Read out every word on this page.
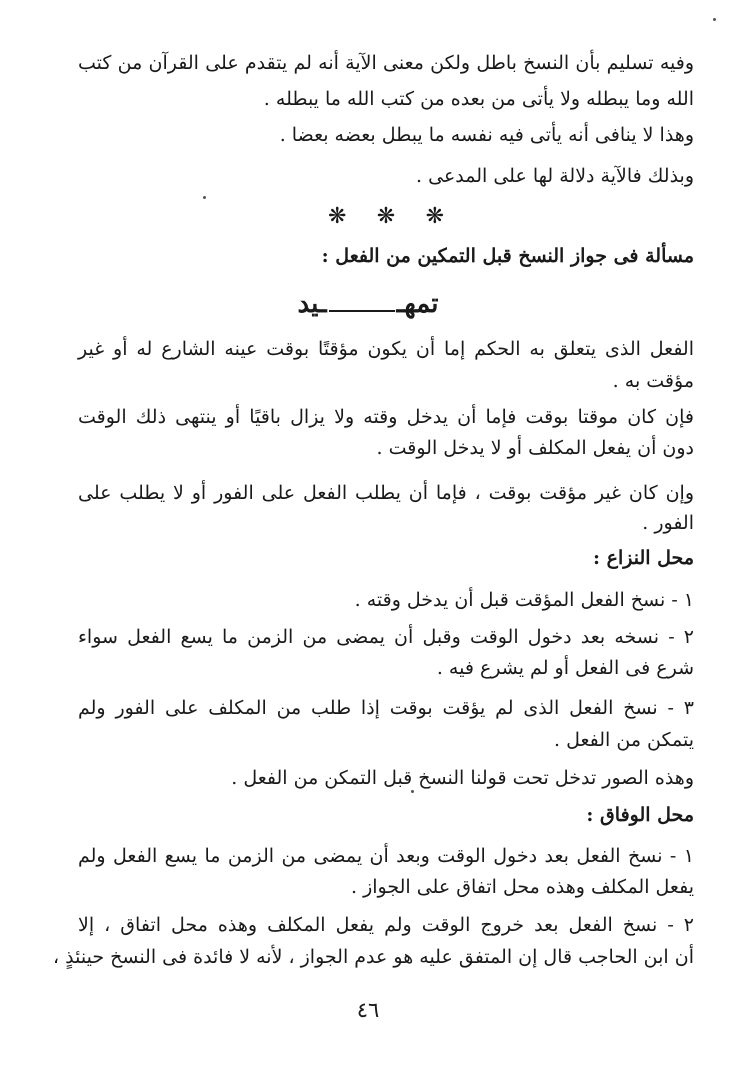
وفيه تسليم بأن النسخ باطل ولكن معنى الآية أنه لم يتقدم على القرآن من كتب
الله وما يبطله ولا يأتى من بعده من كتب الله ما يبطله .
وهذا لا ينافى أنه يأتى فيه نفسه ما يبطل بعضه بعضا .
وبذلك فالآية دلالة لها على المدعى .
❋ ❋ ❋
مسألة فى جواز النسخ قبل التمكين من الفعل :
تمهــيد
الفعل الذى يتعلق به الحكم إما أن يكون مؤقتًا بوقت عينه الشارع له أو غير
مؤقت به .
فإن كان موقتا بوقت فإما أن يدخل وقته ولا يزال باقيًا أو ينتهى ذلك الوقت
دون أن يفعل المكلف أو لا يدخل الوقت .
وإن كان غير مؤقت بوقت ، فإما أن يطلب الفعل على الفور أو لا يطلب على
الفور .
محل النزاع :
١ - نسخ الفعل المؤقت قبل أن يدخل وقته .
٢ - نسخه بعد دخول الوقت وقبل أن يمضى من الزمن ما يسع الفعل سواء
شرع فى الفعل أو لم يشرع فيه .
٣ - نسخ الفعل الذى لم يؤقت بوقت إذا طلب من المكلف على الفور ولم
يتمكن من الفعل .
وهذه الصور تدخل تحت قولنا النسخ قبل التمكن من الفعل .
محل الوفاق :
١ - نسخ الفعل بعد دخول الوقت وبعد أن يمضى من الزمن ما يسع الفعل ولم
يفعل المكلف وهذه محل اتفاق على الجواز .
٢ - نسخ الفعل بعد خروج الوقت ولم يفعل المكلف وهذه محل اتفاق ، إلا
أن ابن الحاجب قال إن المتفق عليه هو عدم الجواز ، لأنه لا فائدة فى النسخ حينئذٍ ،
٤٦
